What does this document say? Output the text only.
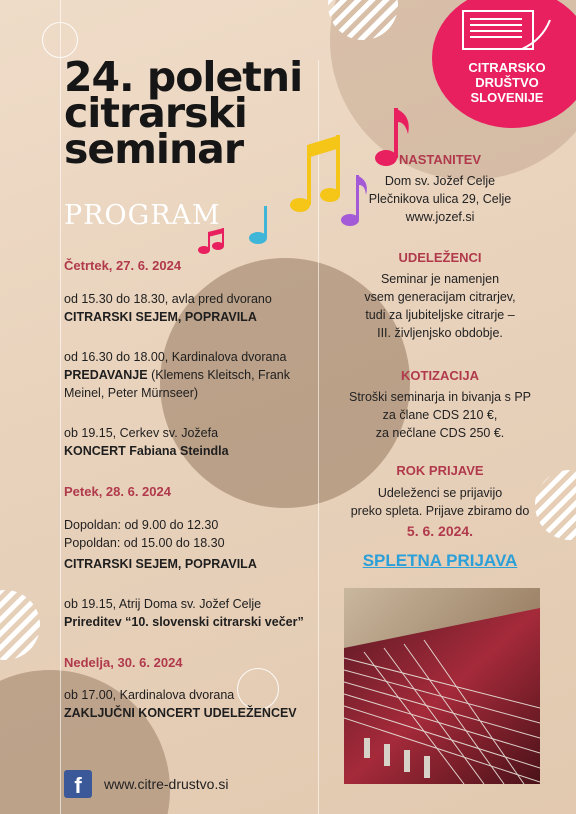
CITRARSKO
DRUŠTVO
SLOVENIJE
24. poletni
citrarski
seminar
PROGRAM
Četrtek, 27. 6. 2024
od 15.30 do 18.30, avla pred dvorano
CITRARSKI SEJEM, POPRAVILA
od 16.30 do 18.00, Kardinalova dvorana
PREDAVANJE (Klemens Kleitsch, Frank Meinel, Peter Mürnseer)
ob 19.15, Cerkev sv. Jožefa
KONCERT Fabiana Steindla
Petek, 28. 6. 2024
Dopoldan: od 9.00 do 12.30
Popoldan: od 15.00 do 18.30
CITRARSKI SEJEM, POPRAVILA
ob 19.15, Atrij Doma sv. Jožef Celje
Prireditev “10. slovenski citrarski večer”
Nedelja, 30. 6. 2024
ob 17.00, Kardinalova dvorana
ZAKLJUČNI KONCERT UDELEŽENCEV
NASTANITEV
Dom sv. Jožef Celje
Plečnikova ulica 29, Celje
www.jozef.si
UDELEŽENCI
Seminar je namenjen
vsem generacijam citrarjev,
tudi za ljubiteljske citrarje –
III. življenjsko obdobje.
KOTIZACIJA
Stroški seminarja in bivanja s PP
za člane CDS 210 €,
za nečlane CDS 250 €.
ROK PRIJAVE
Udeleženci se prijavijo
preko spleta. Prijave zbiramo do
5. 6. 2024.
SPLETNA PRIJAVA
f	www.citre-drustvo.si
